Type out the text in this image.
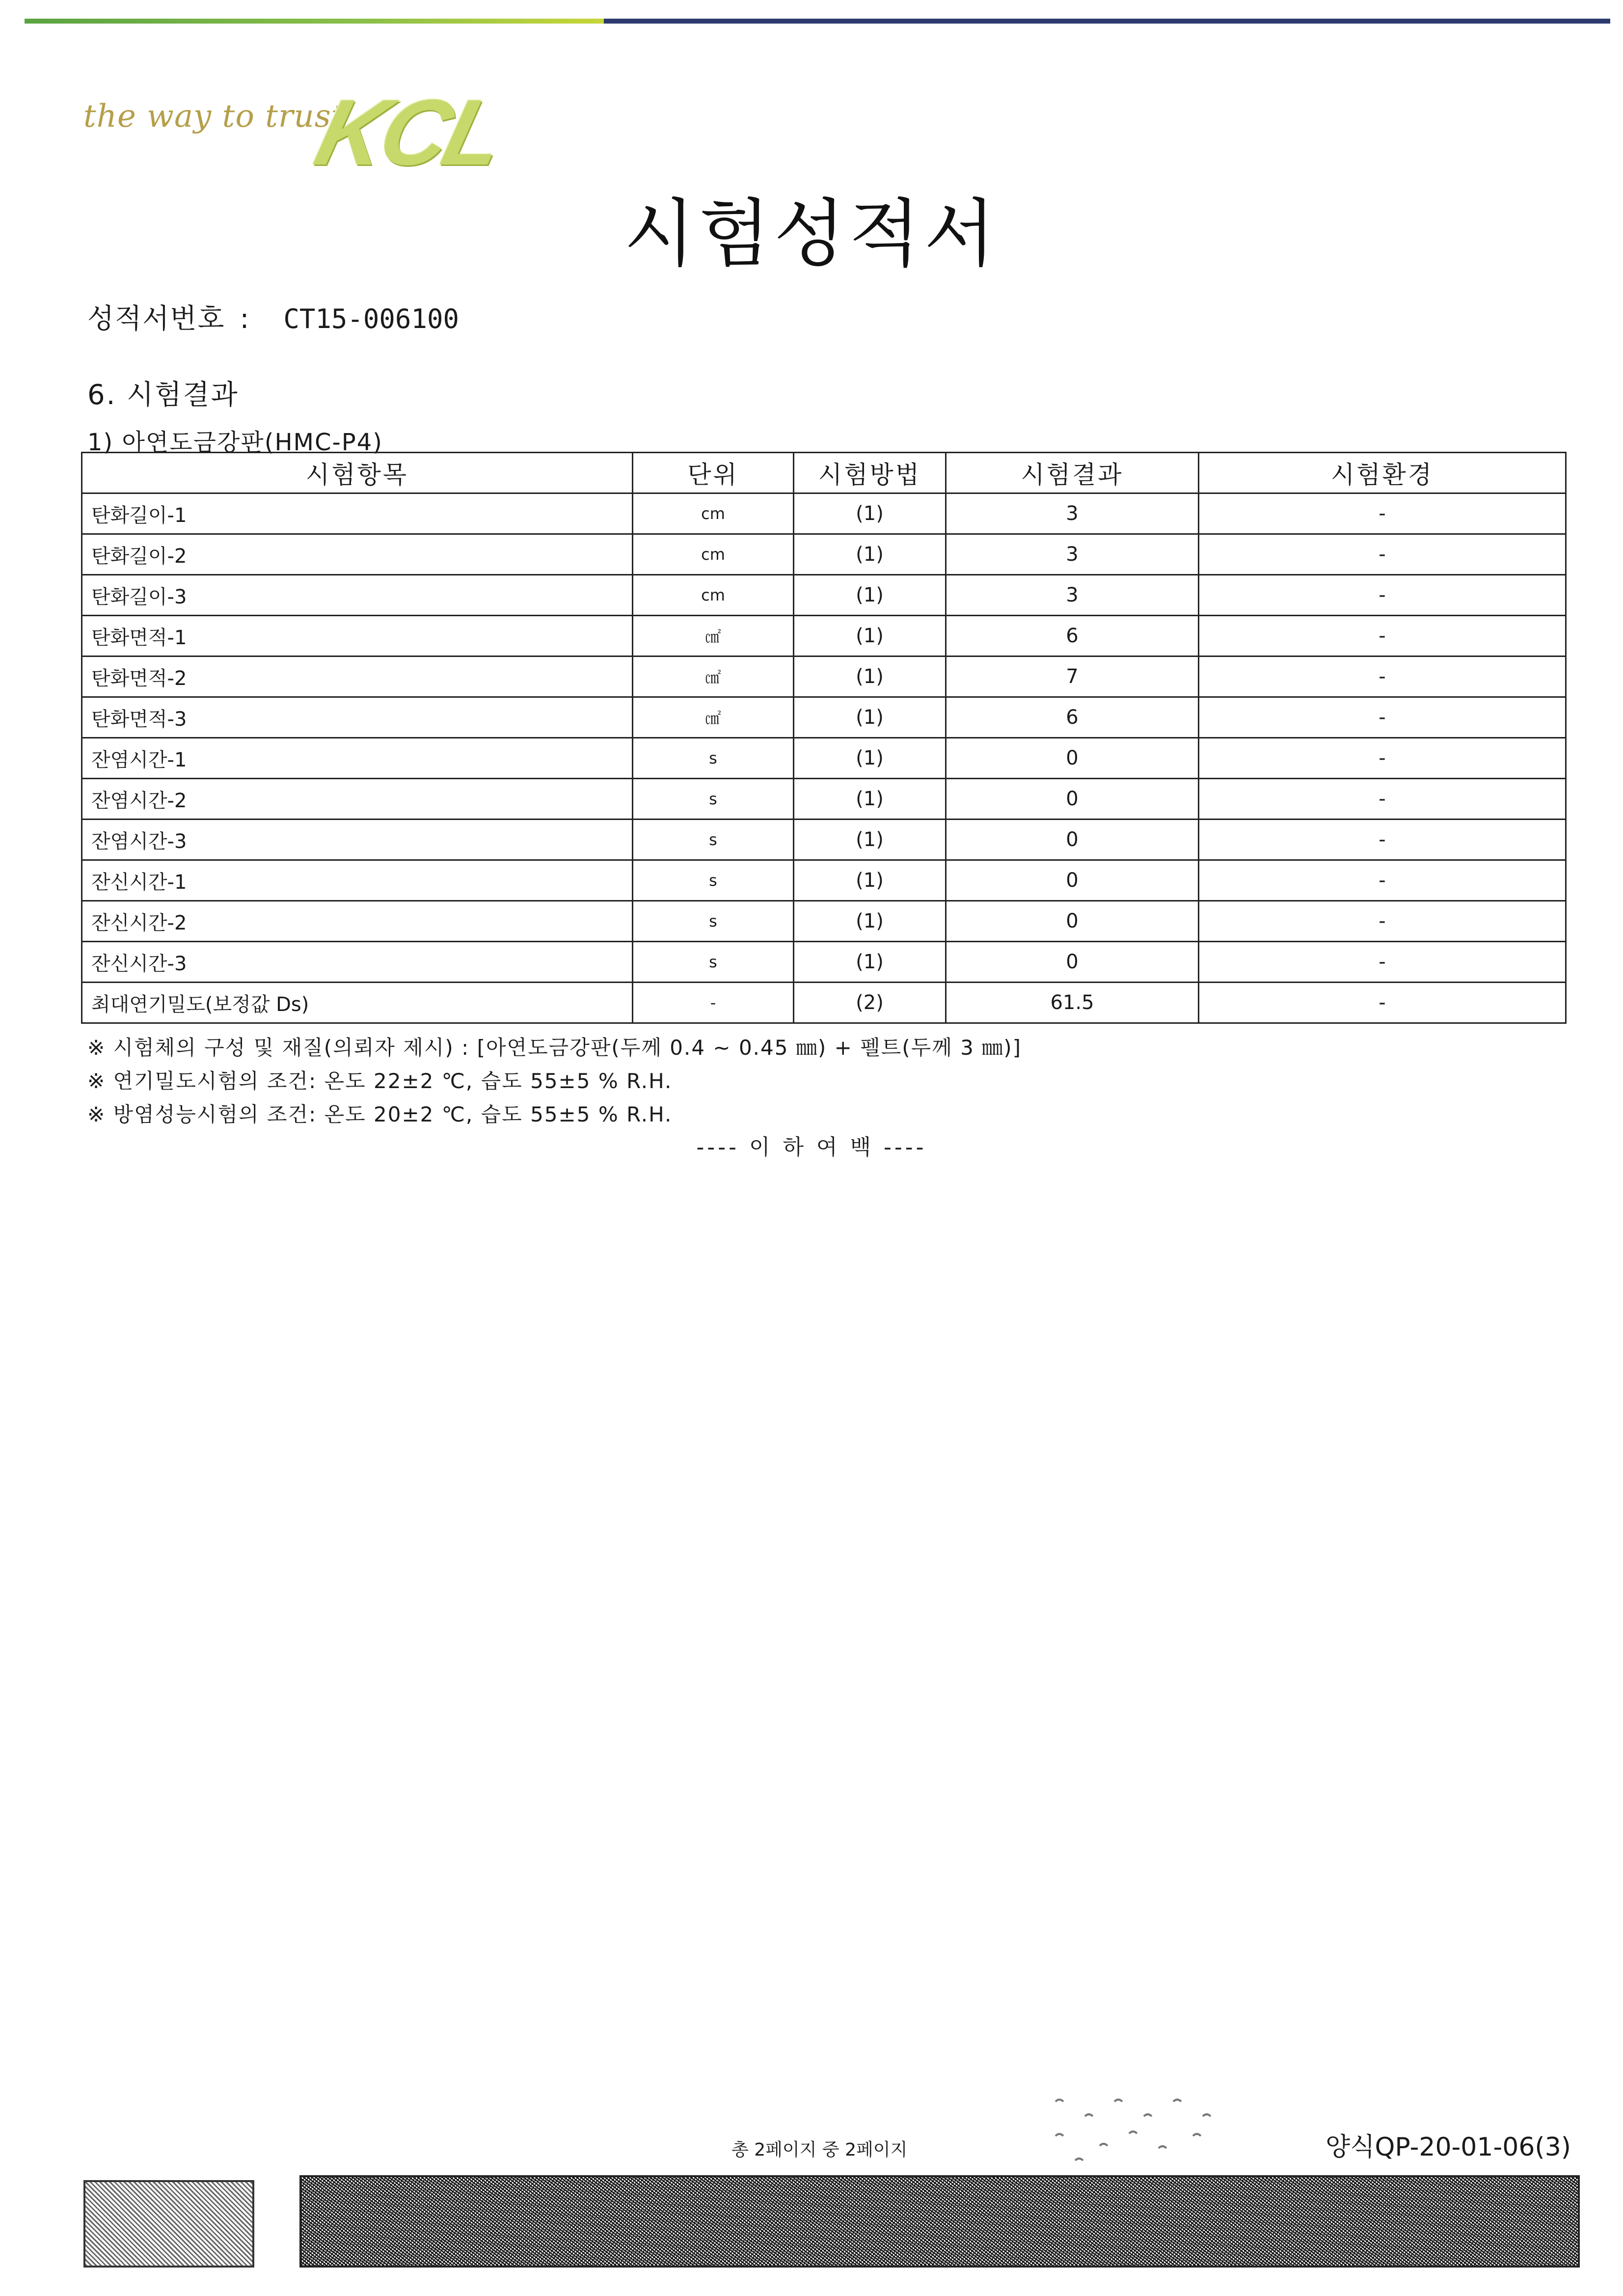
the way to trust
KCL
시험성적서
성적서번호 : CT15-006100
6. 시험결과
1) 아연도금강판(HMC-P4)
시험항목	단위	시험방법	시험결과	시험환경
탄화길이-1	cm	(1)	3	-
탄화길이-2	cm	(1)	3	-
탄화길이-3	cm	(1)	3	-
탄화면적-1	㎠	(1)	6	-
탄화면적-2	㎠	(1)	7	-
탄화면적-3	㎠	(1)	6	-
잔염시간-1	s	(1)	0	-
잔염시간-2	s	(1)	0	-
잔염시간-3	s	(1)	0	-
잔신시간-1	s	(1)	0	-
잔신시간-2	s	(1)	0	-
잔신시간-3	s	(1)	0	-
최대연기밀도(보정값 Ds)	-	(2)	61.5	-
※ 시험체의 구성 및 재질(의뢰자 제시) : [아연도금강판(두께 0.4 ~ 0.45 ㎜) + 펠트(두께 3 ㎜)]
※ 연기밀도시험의 조건: 온도 22±2 ℃, 습도 55±5 % R.H.
※ 방염성능시험의 조건: 온도 20±2 ℃, 습도 55±5 % R.H.
---- 이 하 여 백 ----
총 2페이지 중 2페이지	양식QP-20-01-06(3)
